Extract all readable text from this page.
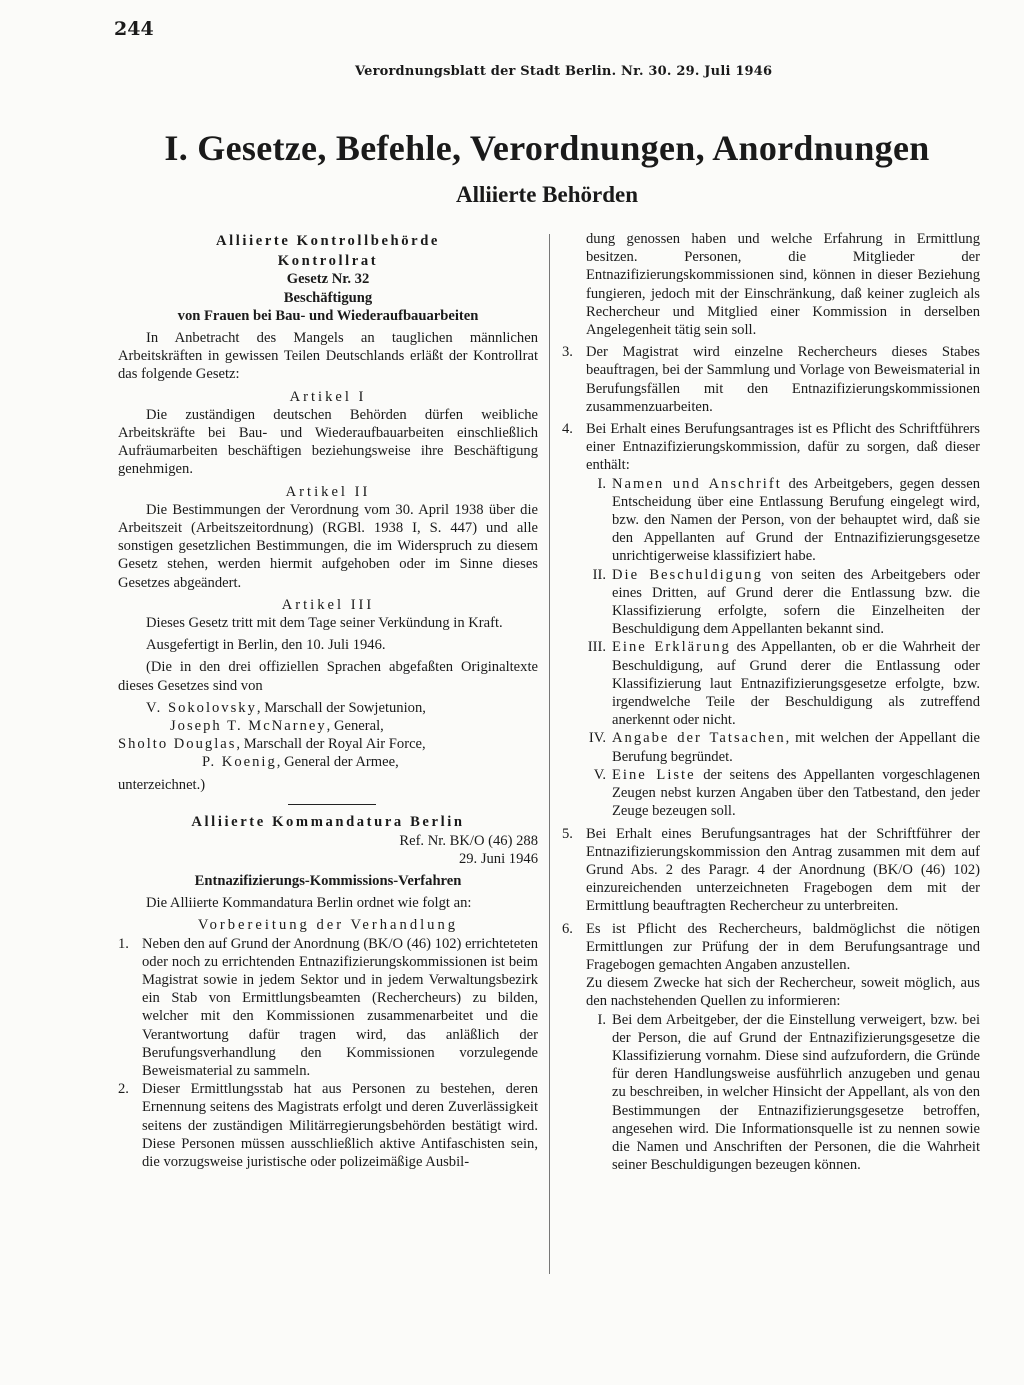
244
Verordnungsblatt der Stadt Berlin. Nr. 30. 29. Juli 1946
I. Gesetze, Befehle, Verordnungen, Anordnungen
Alliierte Behörden

Alliierte Kontrollbehörde

Kontrollrat

Gesetz Nr. 32

Beschäftigung

von Frauen bei Bau- und Wiederaufbauarbeiten

In Anbetracht des Mangels an tauglichen männlichen Arbeitskräften in gewissen Teilen Deutschlands erläßt der Kontrollrat das folgende Gesetz:

Artikel I

Die zuständigen deutschen Behörden dürfen weibliche Arbeitskräfte bei Bau- und Wiederaufbauarbeiten einschließlich Aufräumarbeiten beschäftigen beziehungsweise ihre Beschäftigung genehmigen.

Artikel II

Die Bestimmungen der Verordnung vom 30. April 1938 über die Arbeitszeit (Arbeitszeitordnung) (RGBl. 1938 I, S. 447) und alle sonstigen gesetzlichen Bestimmungen, die im Widerspruch zu diesem Gesetz stehen, werden hiermit aufgehoben oder im Sinne dieses Gesetzes abgeändert.

Artikel III

Dieses Gesetz tritt mit dem Tage seiner Verkündung in Kraft.

Ausgefertigt in Berlin, den 10. Juli 1946.

(Die in den drei offiziellen Sprachen abgefaßten Originaltexte dieses Gesetzes sind von

V. Sokolovsky, Marschall der Sowjetunion,

Joseph T. McNarney, General,

Sholto Douglas, Marschall der Royal Air Force,

P. Koenig, General der Armee,

unterzeichnet.)

Alliierte Kommandatura Berlin

Ref. Nr. BK/O (46) 288

29. Juni 1946

Entnazifizierungs-Kommissions-Verfahren

Die Alliierte Kommandatura Berlin ordnet wie folgt an:

Vorbereitung der Verhandlung

1. Neben den auf Grund der Anordnung (BK/O (46) 102) errichteteten oder noch zu errichtenden Entnazifizierungskommissionen ist beim Magistrat sowie in jedem Sektor und in jedem Verwaltungsbezirk ein Stab von Ermittlungsbeamten (Rechercheurs) zu bilden, welcher mit den Kommissionen zusammenarbeitet und die Verantwortung dafür tragen wird, das anläßlich der Berufungsverhandlung den Kommissionen vorzulegende Beweismaterial zu sammeln.
2. Dieser Ermittlungsstab hat aus Personen zu bestehen, deren Ernennung seitens des Magistrats erfolgt und deren Zuverlässigkeit seitens der zuständigen Militärregierungsbehörden bestätigt wird. Diese Personen müssen ausschließlich aktive Antifaschisten sein, die vorzugsweise juristische oder polizeimäßige Ausbil-

dung genossen haben und welche Erfahrung in Ermittlung besitzen. Personen, die Mitglieder der Entnazifizierungskommissionen sind, können in dieser Beziehung fungieren, jedoch mit der Einschränkung, daß keiner zugleich als Rechercheur und Mitglied einer Kommission in derselben Angelegenheit tätig sein soll.

3. Der Magistrat wird einzelne Rechercheurs dieses Stabes beauftragen, bei der Sammlung und Vorlage von Beweismaterial in Berufungsfällen mit den Entnazifizierungskommissionen zusammenzuarbeiten.
4. Bei Erhalt eines Berufungsantrages ist es Pflicht des Schriftführers einer Entnazifizierungskommission, dafür zu sorgen, daß dieser enthält:
I. Namen und Anschrift des Arbeitgebers, gegen dessen Entscheidung über eine Entlassung Berufung eingelegt wird, bzw. den Namen der Person, von der behauptet wird, daß sie den Appellanten auf Grund der Entnazifizierungsgesetze unrichtigerweise klassifiziert habe.
II. Die Beschuldigung von seiten des Arbeitgebers oder eines Dritten, auf Grund derer die Entlassung bzw. die Klassifizierung erfolgte, sofern die Einzelheiten der Beschuldigung dem Appellanten bekannt sind.
III. Eine Erklärung des Appellanten, ob er die Wahrheit der Beschuldigung, auf Grund derer die Entlassung oder Klassifizierung laut Entnazifizierungsgesetze erfolgte, bzw. irgendwelche Teile der Beschuldigung als zutreffend anerkennt oder nicht.
IV. Angabe der Tatsachen, mit welchen der Appellant die Berufung begründet.
V. Eine Liste der seitens des Appellanten vorgeschlagenen Zeugen nebst kurzen Angaben über den Tatbestand, den jeder Zeuge bezeugen soll.
5. Bei Erhalt eines Berufungsantrages hat der Schriftführer der Entnazifizierungskommission den Antrag zusammen mit dem auf Grund Abs. 2 des Paragr. 4 der Anordnung (BK/O (46) 102) einzureichenden unterzeichneten Fragebogen dem mit der Ermittlung beauftragten Rechercheur zu unterbreiten.
6. Es ist Pflicht des Rechercheurs, baldmöglichst die nötigen Ermittlungen zur Prüfung der in dem Berufungsantrage und Fragebogen gemachten Angaben anzustellen.

Zu diesem Zwecke hat sich der Rechercheur, soweit möglich, aus den nachstehenden Quellen zu informieren:

I. Bei dem Arbeitgeber, der die Einstellung verweigert, bzw. bei der Person, die auf Grund der Entnazifizierungsgesetze die Klassifizierung vornahm. Diese sind aufzufordern, die Gründe für deren Handlungsweise ausführlich anzugeben und genau zu beschreiben, in welcher Hinsicht der Appellant, als von den Bestimmungen der Entnazifizierungsgesetze betroffen, angesehen wird. Die Informationsquelle ist zu nennen sowie die Namen und Anschriften der Personen, die die Wahrheit seiner Beschuldigungen bezeugen können.
